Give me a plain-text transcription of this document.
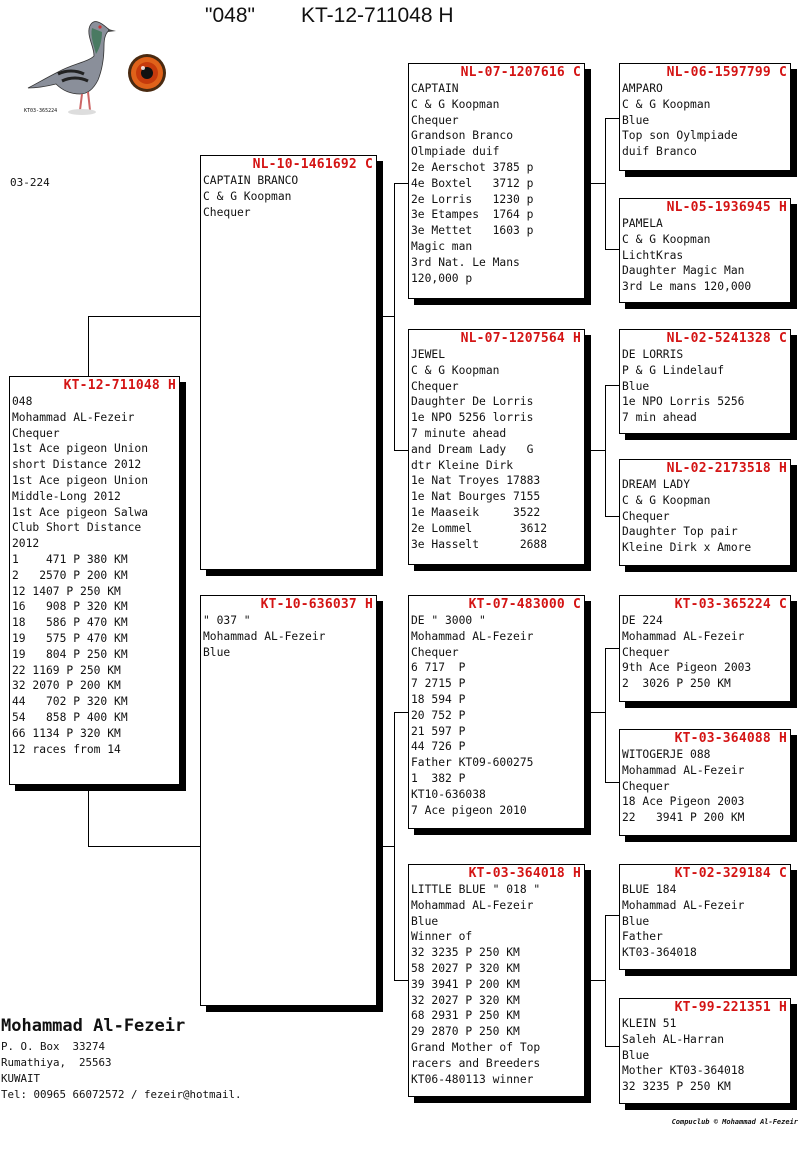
"048" KT-12-711048 H
KT03-365224
03-224
KT-12-711048 H
048
Mohammad AL-Fezeir
Chequer
1st Ace pigeon Union
short Distance 2012
1st Ace pigeon Union
Middle-Long 2012
1st Ace pigeon Salwa
Club Short Distance
2012
1    471 P 380 KM
2   2570 P 200 KM
12 1407 P 250 KM
16   908 P 320 KM
18   586 P 470 KM
19   575 P 470 KM
19   804 P 250 KM
22 1169 P 250 KM
32 2070 P 200 KM
44   702 P 320 KM
54   858 P 400 KM
66 1134 P 320 KM
12 races from 14
NL-10-1461692 C
CAPTAIN BRANCO
C & G Koopman
Chequer
KT-10-636037 H
" 037 "
Mohammad AL-Fezeir
Blue
NL-07-1207616 C
CAPTAIN
C & G Koopman
Chequer
Grandson Branco
Olmpiade duif
2e Aerschot 3785 p
4e Boxtel   3712 p
2e Lorris   1230 p
3e Etampes  1764 p
3e Mettet   1603 p
Magic man
3rd Nat. Le Mans
120,000 p
NL-07-1207564 H
JEWEL
C & G Koopman
Chequer
Daughter De Lorris
1e NPO 5256 lorris
7 minute ahead
and Dream Lady   G
dtr Kleine Dirk
1e Nat Troyes 17883
1e Nat Bourges 7155
1e Maaseik     3522
2e Lommel       3612
3e Hasselt      2688
KT-07-483000 C
DE " 3000 "
Mohammad AL-Fezeir
Chequer
6 717  P
7 2715 P
18 594 P
20 752 P
21 597 P
44 726 P
Father KT09-600275
1  382 P
KT10-636038
7 Ace pigeon 2010
KT-03-364018 H
LITTLE BLUE " 018 "
Mohammad AL-Fezeir
Blue
Winner of
32 3235 P 250 KM
58 2027 P 320 KM
39 3941 P 200 KM
32 2027 P 320 KM
68 2931 P 250 KM
29 2870 P 250 KM
Grand Mother of Top
racers and Breeders
KT06-480113 winner
NL-06-1597799 C
AMPARO
C & G Koopman
Blue
Top son Oylmpiade
duif Branco
NL-05-1936945 H
PAMELA
C & G Koopman
LichtKras
Daughter Magic Man
3rd Le mans 120,000
NL-02-5241328 C
DE LORRIS
P & G Lindelauf
Blue
1e NPO Lorris 5256
7 min ahead
NL-02-2173518 H
DREAM LADY
C & G Koopman
Chequer
Daughter Top pair
Kleine Dirk x Amore
KT-03-365224 C
DE 224
Mohammad AL-Fezeir
Chequer
9th Ace Pigeon 2003
2  3026 P 250 KM
KT-03-364088 H
WITOGERJE 088
Mohammad AL-Fezeir
Chequer
18 Ace Pigeon 2003
22   3941 P 200 KM
KT-02-329184 C
BLUE 184
Mohammad AL-Fezeir
Blue
Father
KT03-364018
KT-99-221351 H
KLEIN 51
Saleh AL-Harran
Blue
Mother KT03-364018
32 3235 P 250 KM
Mohammad Al-Fezeir
P. O. Box  33274
Rumathiya,  25563
KUWAIT
Tel: 00965 66072572 / fezeir@hotmail.
Compuclub © Mohammad Al-Fezeir
